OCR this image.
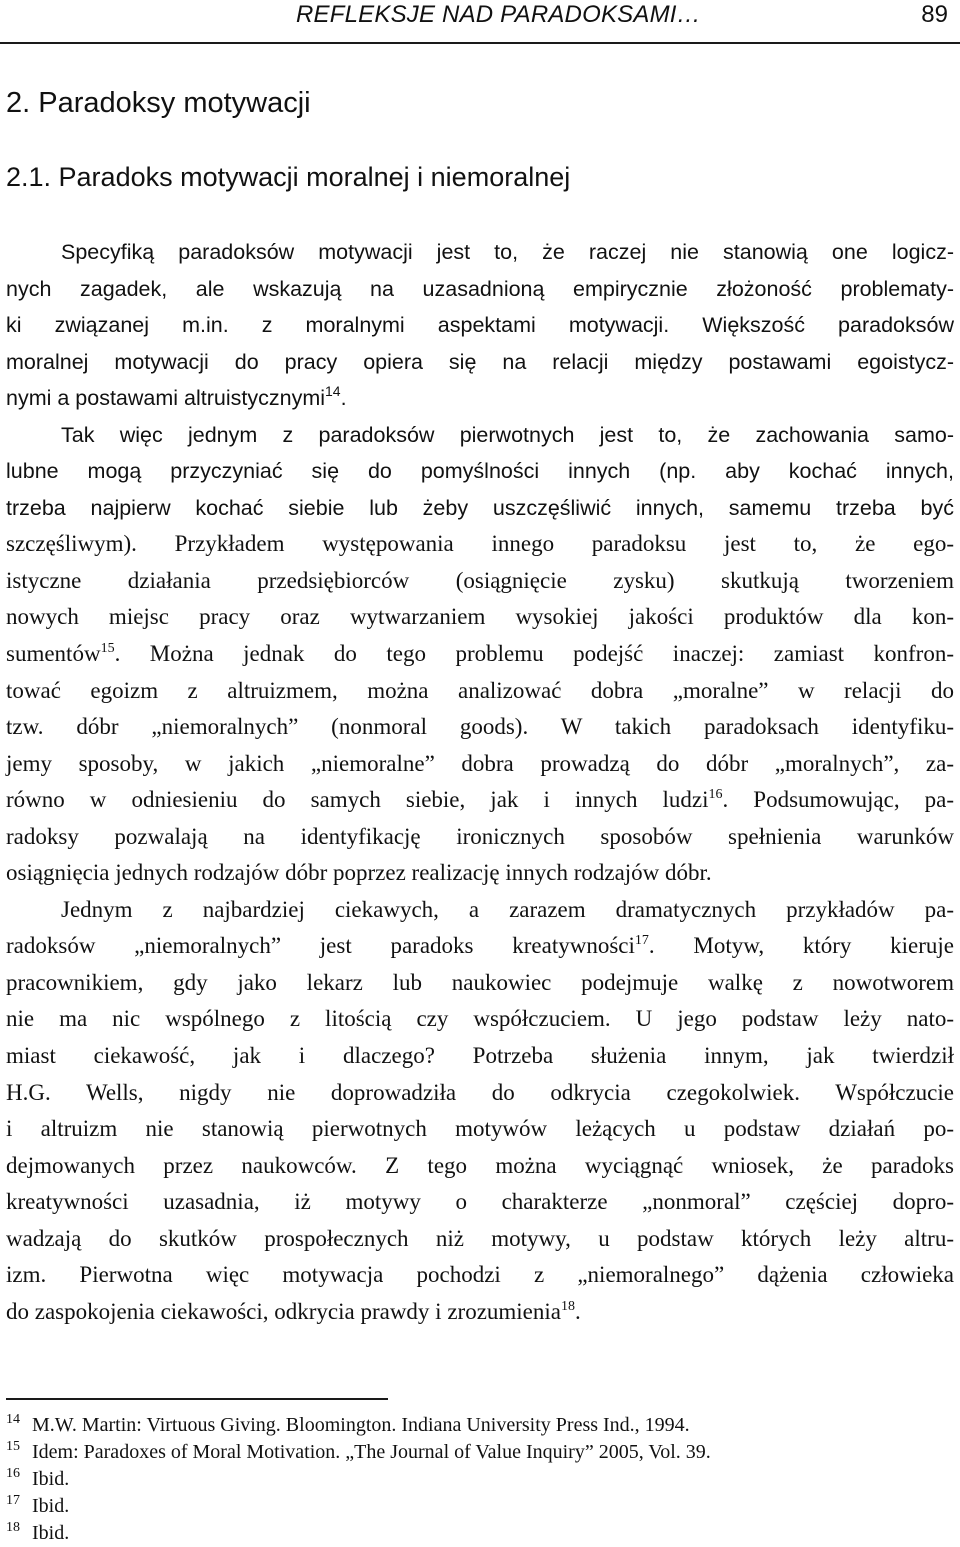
REFLEKSJE NAD PARADOKSAMI…	89
2. Paradoksy motywacji
2.1. Paradoks motywacji moralnej i niemoralnej
Specyfiką paradoksów motywacji jest to, że raczej nie stanowią one logicz-
nych zagadek, ale wskazują na uzasadnioną empirycznie złożoność problematy-
ki związanej m.in. z moralnymi aspektami motywacji. Większość paradoksów
moralnej motywacji do pracy opiera się na relacji między postawami egoistycz-
nymi a postawami altruistycznymi$^{14}$.
Tak więc jednym z paradoksów pierwotnych jest to, że zachowania samo-
lubne mogą przyczyniać się do pomyślności innych (np. aby kochać innych,
trzeba najpierw kochać siebie lub żeby uszczęśliwić innych, samemu trzeba być
szczęśliwym). Przykładem występowania innego paradoksu jest to, że ego-
istyczne działania przedsiębiorców (osiągnięcie zysku) skutkują tworzeniem
nowych miejsc pracy oraz wytwarzaniem wysokiej jakości produktów dla kon-
sumentów$^{15}$. Można jednak do tego problemu podejść inaczej: zamiast konfron-
tować egoizm z altruizmem, można analizować dobra „moralne” w relacji do
tzw. dóbr „niemoralnych” (nonmoral goods). W takich paradoksach identyfiku-
jemy sposoby, w jakich „niemoralne” dobra prowadzą do dóbr „moralnych”, za-
równo w odniesieniu do samych siebie, jak i innych ludzi$^{16}$. Podsumowując, pa-
radoksy pozwalają na identyfikację ironicznych sposobów spełnienia warunków
osiągnięcia jednych rodzajów dóbr poprzez realizację innych rodzajów dóbr.
Jednym z najbardziej ciekawych, a zarazem dramatycznych przykładów pa-
radoksów „niemoralnych” jest paradoks kreatywności$^{17}$. Motyw, który kieruje
pracownikiem, gdy jako lekarz lub naukowiec podejmuje walkę z nowotworem
nie ma nic wspólnego z litością czy współczuciem. U jego podstaw leży nato-
miast ciekawość, jak i dlaczego? Potrzeba służenia innym, jak twierdził
H.G. Wells, nigdy nie doprowadziła do odkrycia czegokolwiek. Współczucie
i altruizm nie stanowią pierwotnych motywów leżących u podstaw działań po-
dejmowanych przez naukowców. Z tego można wyciągnąć wniosek, że paradoks
kreatywności uzasadnia, iż motywy o charakterze „nonmoral” częściej dopro-
wadzają do skutków prospołecznych niż motywy, u podstaw których leży altru-
izm. Pierwotna więc motywacja pochodzi z „niemoralnego” dążenia człowieka
do zaspokojenia ciekawości, odkrycia prawdy i zrozumienia$^{18}$.
14 M.W. Martin: Virtuous Giving. Bloomington. Indiana University Press Ind., 1994.
15 Idem: Paradoxes of Moral Motivation. „The Journal of Value Inquiry” 2005, Vol. 39.
16 Ibid.
17 Ibid.
18 Ibid.
